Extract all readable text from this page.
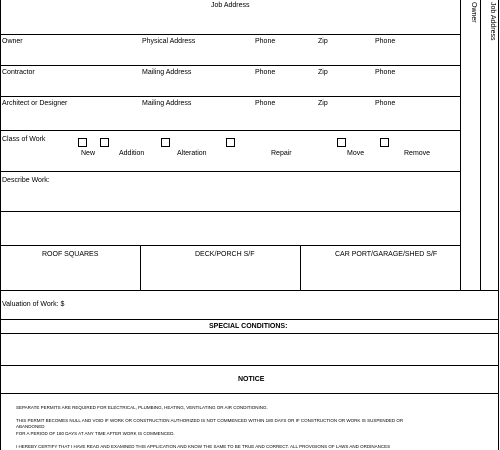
Job Address
Owner	Physical Address	Phone	Zip	Phone
Contractor	Mailing Address	Phone	Zip	Phone
Architect or Designer	Mailing Address	Phone	Zip	Phone
Class of Work
New	Addition	Alteration	Repair	Move	Remove
Describe Work:
ROOF SQUARES	DECK/PORCH S/F	CAR PORT/GARAGE/SHED S/F
Valuation of Work: $
SPECIAL CONDITIONS:
NOTICE
SEPARATE PERMITS ARE REQUIRED FOR ELECTRICAL, PLUMBING, HEATING, VENTILATING OR AIR CONDITIONING.
THIS PERMIT BECOMES NULL AND VOID IF WORK OR CONSTRUCTION AUTHORIZED IS NOT COMMENCED WITHIN 180 DAYS OR IF CONSTRUCTION OR WORK IS SUSPENDED OR
ABANDONED
FOR A PERIOD OF 180 DAYS AT ANY TIME AFTER WORK IS COMMENCED.
I HEREBY CERTIFY THAT I HAVE READ AND EXAMINED THIS APPLICATION AND KNOW THE SAME TO BE TRUE AND CORRECT. ALL PROVISIONS OF LAWS AND ORDINANCES
Owner Job Address
